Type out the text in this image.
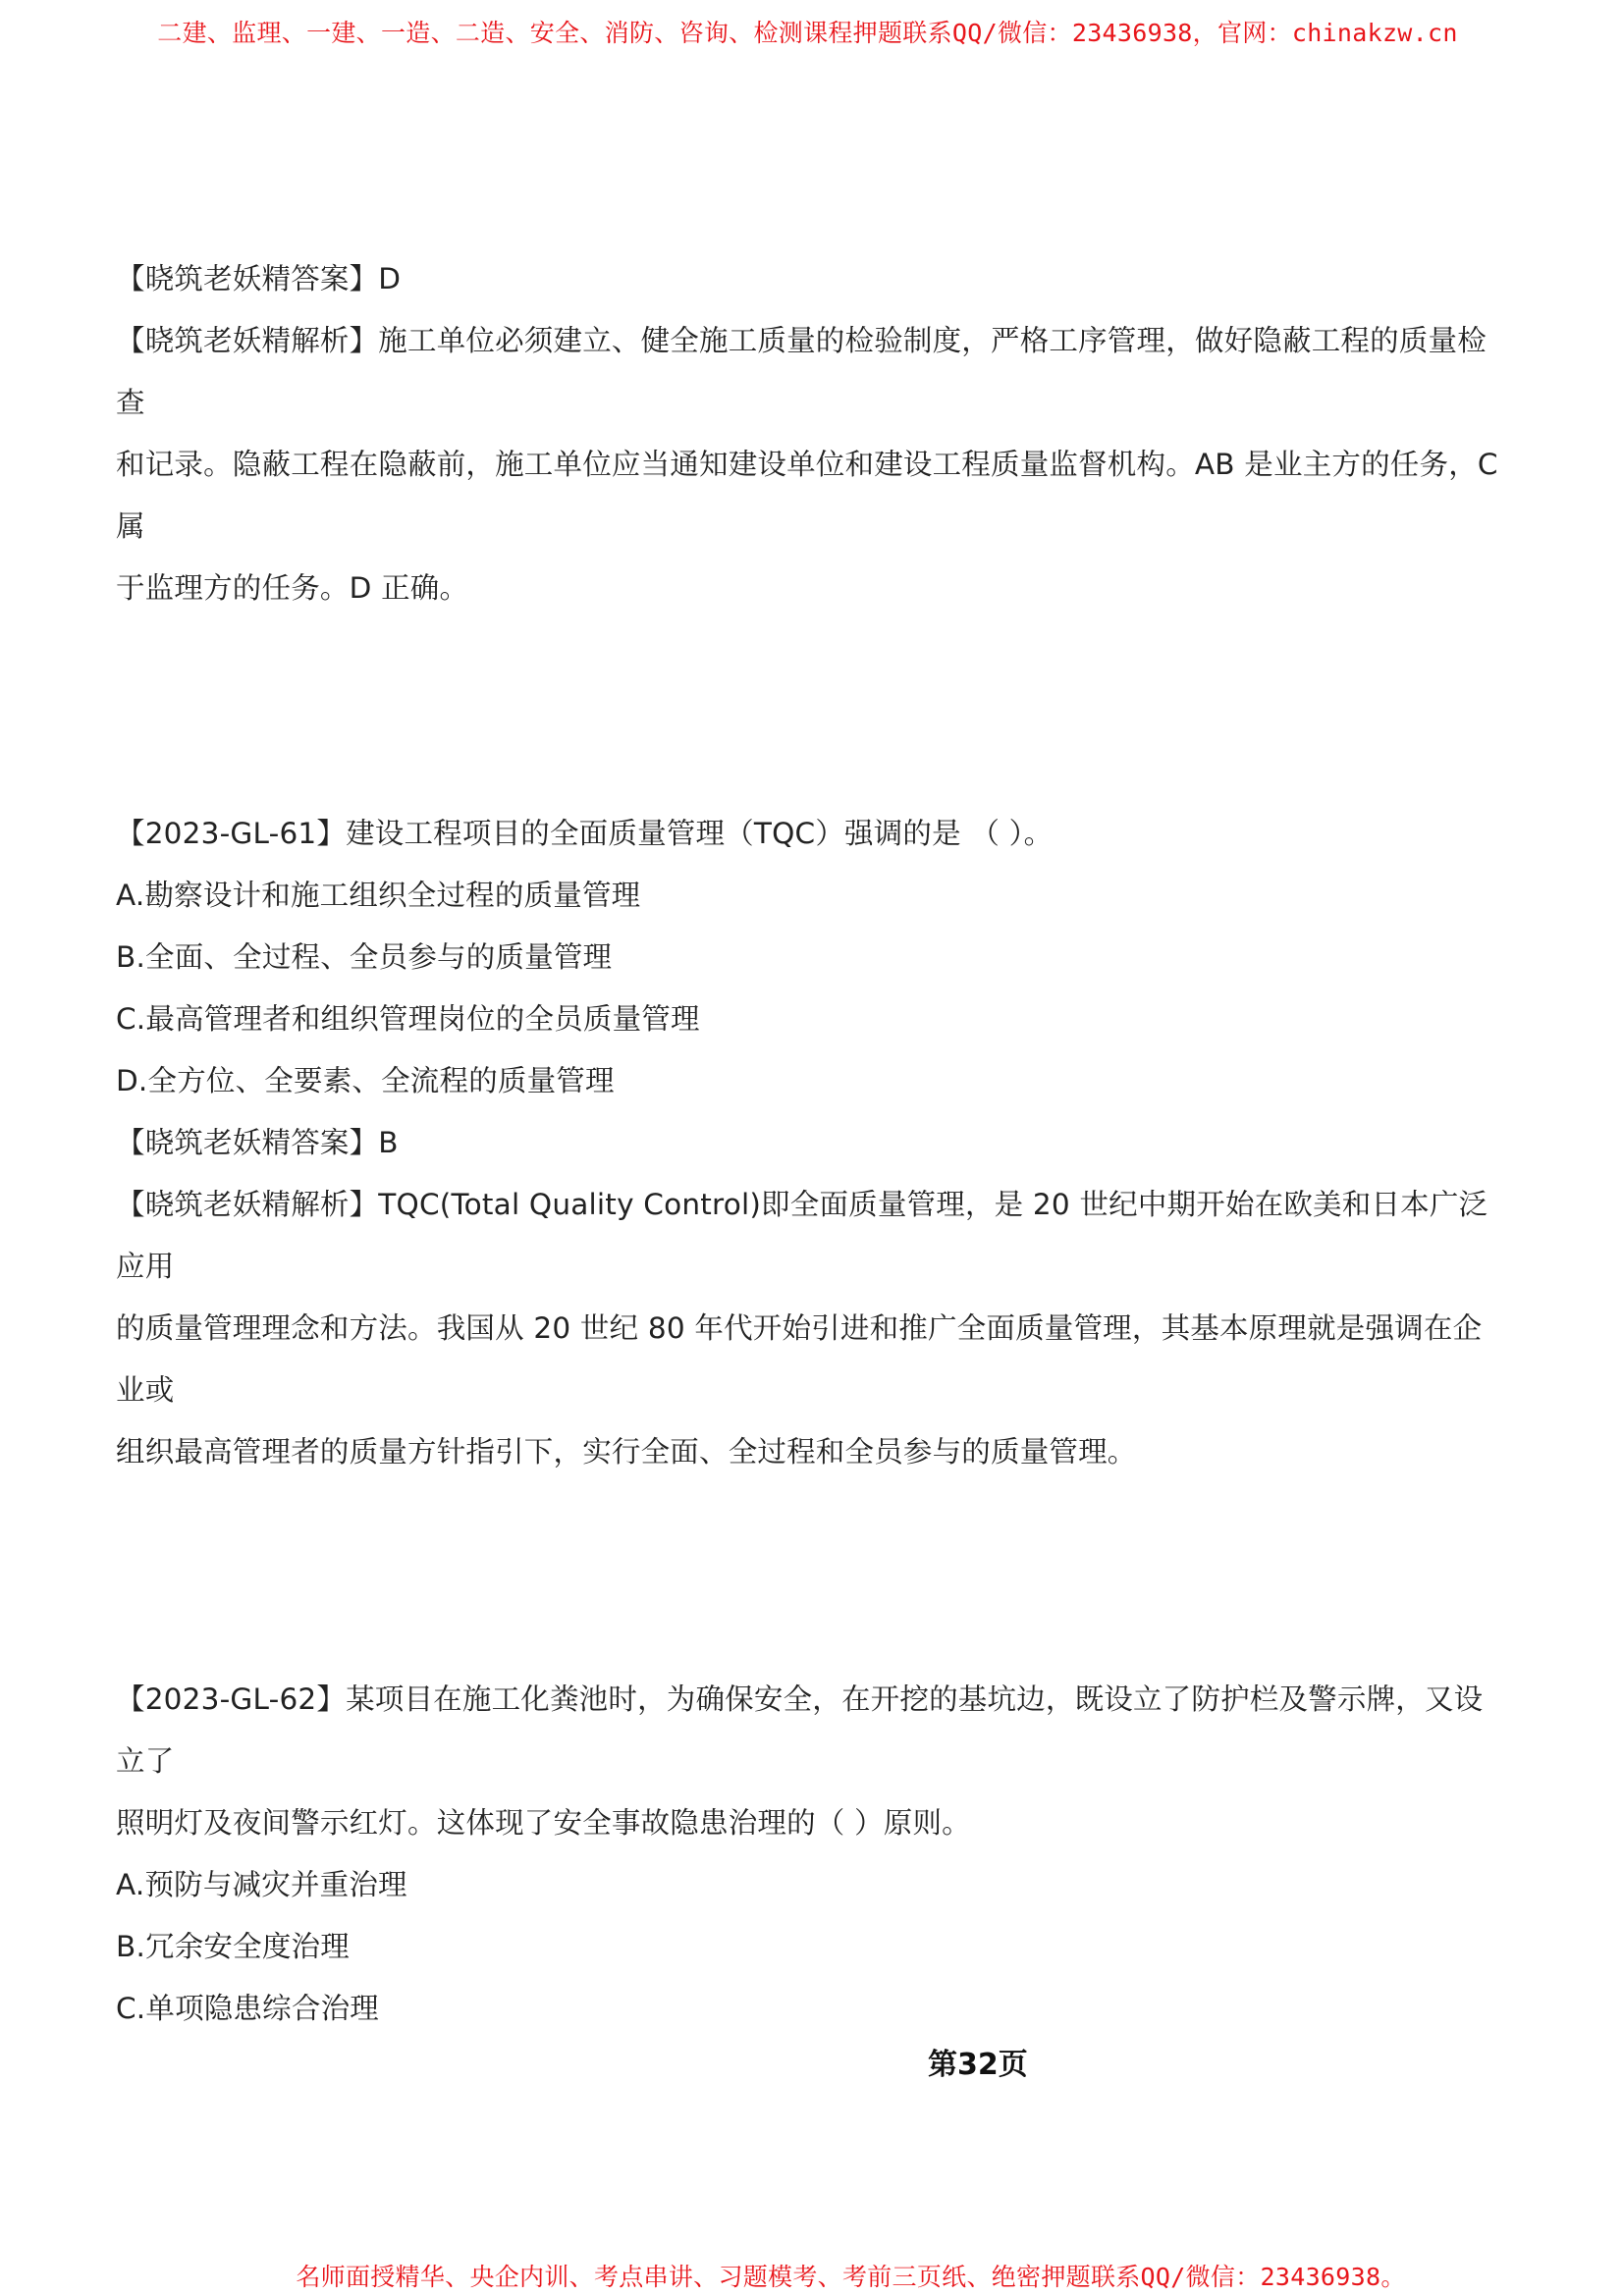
二建、监理、一建、一造、二造、安全、消防、咨询、检测课程押题联系QQ/微信：23436938，官网：chinakzw.cn

【晓筑老妖精答案】D

【晓筑老妖精解析】施工单位必须建立、健全施工质量的检验制度，严格工序管理，做好隐蔽工程的质量检查

和记录。隐蔽工程在隐蔽前，施工单位应当通知建设单位和建设工程质量监督机构。AB 是业主方的任务，C 属

于监理方的任务。D 正确。

【2023-GL-61】建设工程项目的全面质量管理（TQC）强调的是 （ ）。

A.勘察设计和施工组织全过程的质量管理

B.全面、全过程、全员参与的质量管理

C.最高管理者和组织管理岗位的全员质量管理

D.全方位、全要素、全流程的质量管理

【晓筑老妖精答案】B

【晓筑老妖精解析】TQC(Total Quality Control)即全面质量管理，是 20 世纪中期开始在欧美和日本广泛应用

的质量管理理念和方法。我国从 20 世纪 80 年代开始引进和推广全面质量管理，其基本原理就是强调在企业或

组织最高管理者的质量方针指引下，实行全面、全过程和全员参与的质量管理。

【2023-GL-62】某项目在施工化粪池时，为确保安全，在开挖的基坑边，既设立了防护栏及警示牌，又设立了

照明灯及夜间警示红灯。这体现了安全事故隐患治理的（ ）原则。

A.预防与减灾并重治理

B.冗余安全度治理

C.单项隐患综合治理

第32页
名师面授精华、央企内训、考点串讲、习题模考、考前三页纸、绝密押题联系QQ/微信：23436938。
